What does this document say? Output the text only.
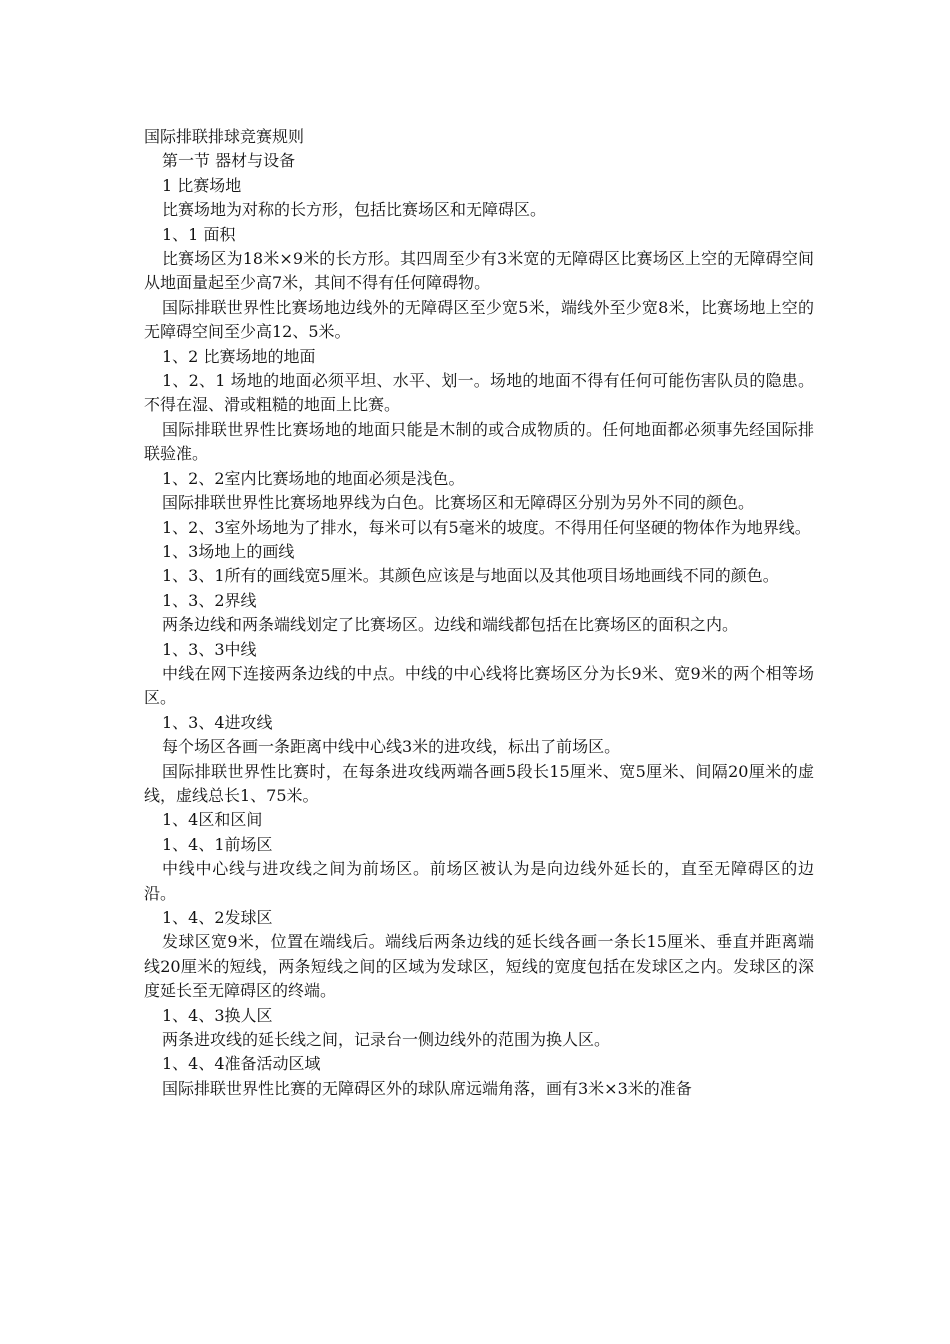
国际排联排球竞赛规则

第一节 器材与设备

1 比赛场地

比赛场地为对称的长方形，包括比赛场区和无障碍区。

1、1 面积

比赛场区为18米×9米的长方形。其四周至少有3米宽的无障碍区比赛场区上空的无障碍空间从地面量起至少高7米，其间不得有任何障碍物。

国际排联世界性比赛场地边线外的无障碍区至少宽5米，端线外至少宽8米，比赛场地上空的无障碍空间至少高12、5米。

1、2 比赛场地的地面

1、2、1 场地的地面必须平坦、水平、划一。场地的地面不得有任何可能伤害队员的隐患。不得在湿、滑或粗糙的地面上比赛。

国际排联世界性比赛场地的地面只能是木制的或合成物质的。任何地面都必须事先经国际排联验准。

1、2、2室内比赛场地的地面必须是浅色。

国际排联世界性比赛场地界线为白色。比赛场区和无障碍区分别为另外不同的颜色。

1、2、3室外场地为了排水，每米可以有5毫米的坡度。不得用任何坚硬的物体作为地界线。

1、3场地上的画线

1、3、1所有的画线宽5厘米。其颜色应该是与地面以及其他项目场地画线不同的颜色。

1、3、2界线

两条边线和两条端线划定了比赛场区。边线和端线都包括在比赛场区的面积之内。

1、3、3中线

中线在网下连接两条边线的中点。中线的中心线将比赛场区分为长9米、宽9米的两个相等场区。

1、3、4进攻线

每个场区各画一条距离中线中心线3米的进攻线，标出了前场区。

国际排联世界性比赛时，在每条进攻线两端各画5段长15厘米、宽5厘米、间隔20厘米的虚线，虚线总长1、75米。

1、4区和区间

1、4、1前场区

中线中心线与进攻线之间为前场区。前场区被认为是向边线外延长的，直至无障碍区的边沿。

1、4、2发球区

发球区宽9米，位置在端线后。端线后两条边线的延长线各画一条长15厘米、垂直并距离端线20厘米的短线，两条短线之间的区域为发球区，短线的宽度包括在发球区之内。发球区的深度延长至无障碍区的终端。

1、4、3换人区

两条进攻线的延长线之间，记录台一侧边线外的范围为换人区。

1、4、4准备活动区域

国际排联世界性比赛的无障碍区外的球队席远端角落，画有3米×3米的准备
